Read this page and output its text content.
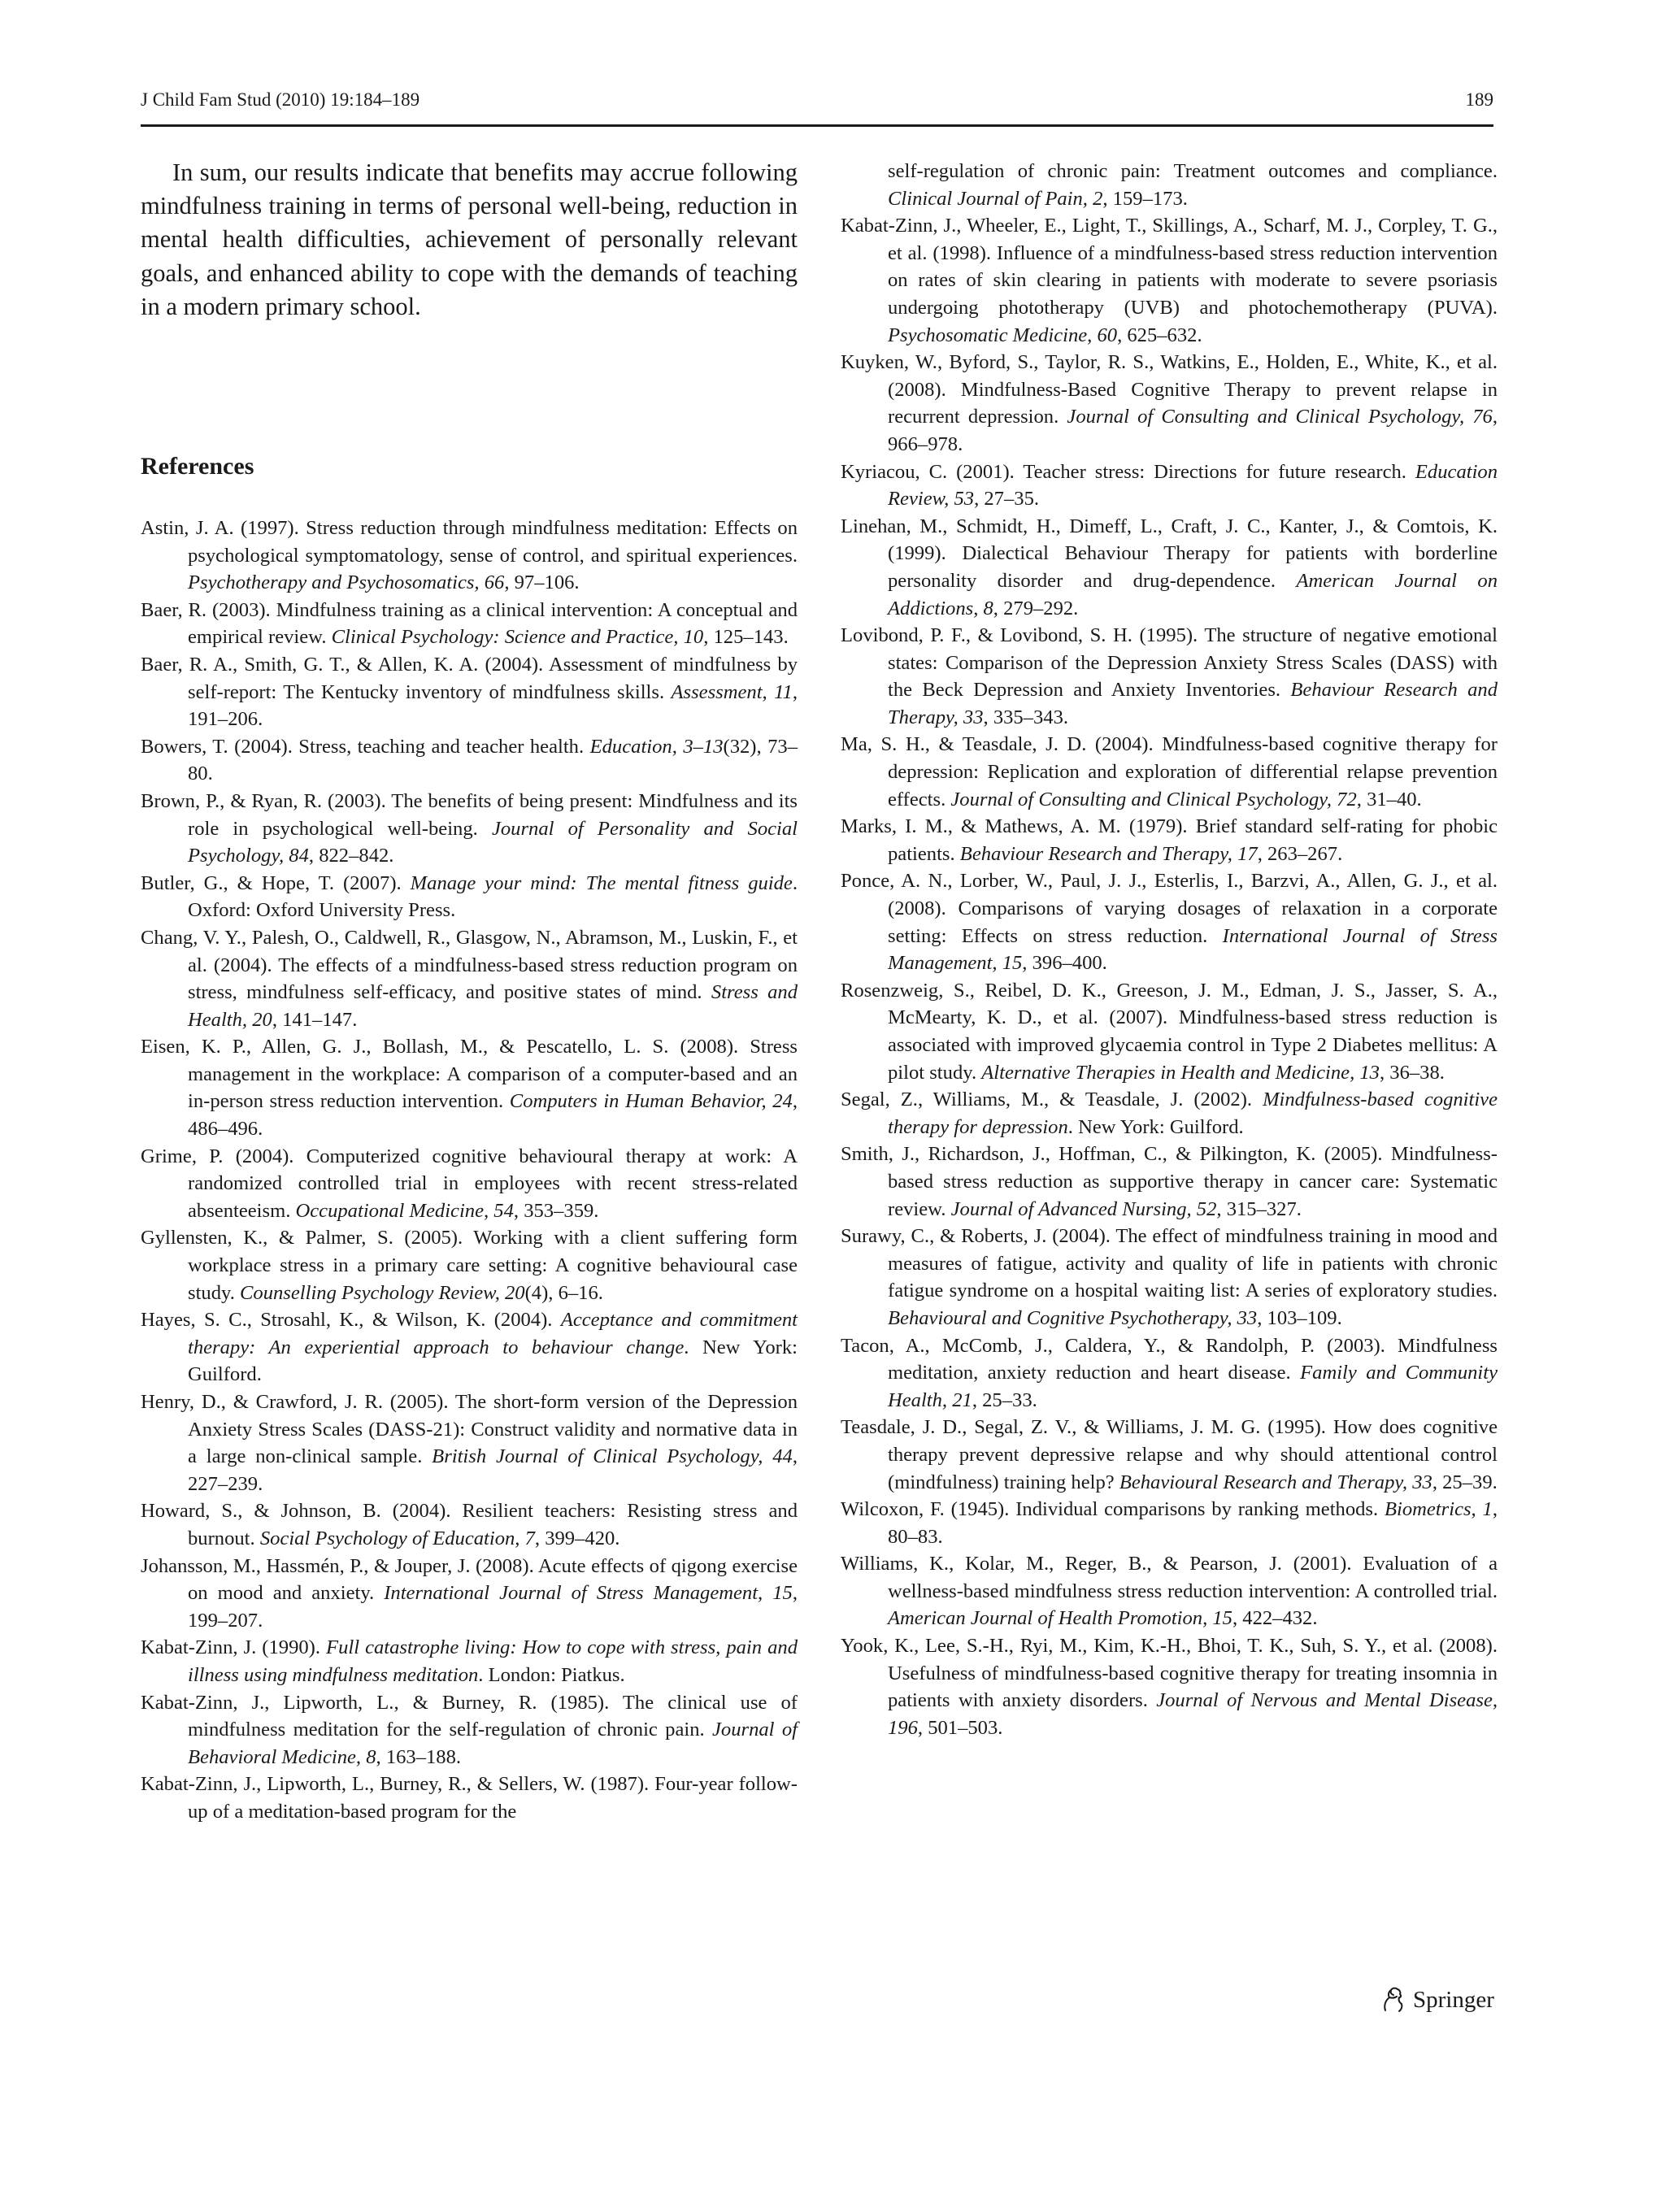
J Child Fam Stud (2010) 19:184–189	189

In sum, our results indicate that benefits may accrue following mindfulness training in terms of personal well-being, reduction in mental health difficulties, achievement of personally relevant goals, and enhanced ability to cope with the demands of teaching in a modern primary school.

References

Astin, J. A. (1997). Stress reduction through mindfulness meditation: Effects on psychological symptomatology, sense of control, and spiritual experiences. Psychotherapy and Psychosomatics, 66, 97–106.

Baer, R. (2003). Mindfulness training as a clinical intervention: A conceptual and empirical review. Clinical Psychology: Science and Practice, 10, 125–143.

Baer, R. A., Smith, G. T., & Allen, K. A. (2004). Assessment of mindfulness by self-report: The Kentucky inventory of mindfulness skills. Assessment, 11, 191–206.

Bowers, T. (2004). Stress, teaching and teacher health. Education, 3–13(32), 73–80.

Brown, P., & Ryan, R. (2003). The benefits of being present: Mindfulness and its role in psychological well-being. Journal of Personality and Social Psychology, 84, 822–842.

Butler, G., & Hope, T. (2007). Manage your mind: The mental fitness guide. Oxford: Oxford University Press.

Chang, V. Y., Palesh, O., Caldwell, R., Glasgow, N., Abramson, M., Luskin, F., et al. (2004). The effects of a mindfulness-based stress reduction program on stress, mindfulness self-efficacy, and positive states of mind. Stress and Health, 20, 141–147.

Eisen, K. P., Allen, G. J., Bollash, M., & Pescatello, L. S. (2008). Stress management in the workplace: A comparison of a computer-based and an in-person stress reduction intervention. Computers in Human Behavior, 24, 486–496.

Grime, P. (2004). Computerized cognitive behavioural therapy at work: A randomized controlled trial in employees with recent stress-related absenteeism. Occupational Medicine, 54, 353–359.

Gyllensten, K., & Palmer, S. (2005). Working with a client suffering form workplace stress in a primary care setting: A cognitive behavioural case study. Counselling Psychology Review, 20(4), 6–16.

Hayes, S. C., Strosahl, K., & Wilson, K. (2004). Acceptance and commitment therapy: An experiential approach to behaviour change. New York: Guilford.

Henry, D., & Crawford, J. R. (2005). The short-form version of the Depression Anxiety Stress Scales (DASS-21): Construct validity and normative data in a large non-clinical sample. British Journal of Clinical Psychology, 44, 227–239.

Howard, S., & Johnson, B. (2004). Resilient teachers: Resisting stress and burnout. Social Psychology of Education, 7, 399–420.

Johansson, M., Hassmén, P., & Jouper, J. (2008). Acute effects of qigong exercise on mood and anxiety. International Journal of Stress Management, 15, 199–207.

Kabat-Zinn, J. (1990). Full catastrophe living: How to cope with stress, pain and illness using mindfulness meditation. London: Piatkus.

Kabat-Zinn, J., Lipworth, L., & Burney, R. (1985). The clinical use of mindfulness meditation for the self-regulation of chronic pain. Journal of Behavioral Medicine, 8, 163–188.

Kabat-Zinn, J., Lipworth, L., Burney, R., & Sellers, W. (1987). Four-year follow-up of a meditation-based program for the

self-regulation of chronic pain: Treatment outcomes and compliance. Clinical Journal of Pain, 2, 159–173.

Kabat-Zinn, J., Wheeler, E., Light, T., Skillings, A., Scharf, M. J., Corpley, T. G., et al. (1998). Influence of a mindfulness-based stress reduction intervention on rates of skin clearing in patients with moderate to severe psoriasis undergoing phototherapy (UVB) and photochemotherapy (PUVA). Psychosomatic Medicine, 60, 625–632.

Kuyken, W., Byford, S., Taylor, R. S., Watkins, E., Holden, E., White, K., et al. (2008). Mindfulness-Based Cognitive Therapy to prevent relapse in recurrent depression. Journal of Consulting and Clinical Psychology, 76, 966–978.

Kyriacou, C. (2001). Teacher stress: Directions for future research. Education Review, 53, 27–35.

Linehan, M., Schmidt, H., Dimeff, L., Craft, J. C., Kanter, J., & Comtois, K. (1999). Dialectical Behaviour Therapy for patients with borderline personality disorder and drug-dependence. American Journal on Addictions, 8, 279–292.

Lovibond, P. F., & Lovibond, S. H. (1995). The structure of negative emotional states: Comparison of the Depression Anxiety Stress Scales (DASS) with the Beck Depression and Anxiety Inventories. Behaviour Research and Therapy, 33, 335–343.

Ma, S. H., & Teasdale, J. D. (2004). Mindfulness-based cognitive therapy for depression: Replication and exploration of differential relapse prevention effects. Journal of Consulting and Clinical Psychology, 72, 31–40.

Marks, I. M., & Mathews, A. M. (1979). Brief standard self-rating for phobic patients. Behaviour Research and Therapy, 17, 263–267.

Ponce, A. N., Lorber, W., Paul, J. J., Esterlis, I., Barzvi, A., Allen, G. J., et al. (2008). Comparisons of varying dosages of relaxation in a corporate setting: Effects on stress reduction. International Journal of Stress Management, 15, 396–400.

Rosenzweig, S., Reibel, D. K., Greeson, J. M., Edman, J. S., Jasser, S. A., McMearty, K. D., et al. (2007). Mindfulness-based stress reduction is associated with improved glycaemia control in Type 2 Diabetes mellitus: A pilot study. Alternative Therapies in Health and Medicine, 13, 36–38.

Segal, Z., Williams, M., & Teasdale, J. (2002). Mindfulness-based cognitive therapy for depression. New York: Guilford.

Smith, J., Richardson, J., Hoffman, C., & Pilkington, K. (2005). Mindfulness-based stress reduction as supportive therapy in cancer care: Systematic review. Journal of Advanced Nursing, 52, 315–327.

Surawy, C., & Roberts, J. (2004). The effect of mindfulness training in mood and measures of fatigue, activity and quality of life in patients with chronic fatigue syndrome on a hospital waiting list: A series of exploratory studies. Behavioural and Cognitive Psychotherapy, 33, 103–109.

Tacon, A., McComb, J., Caldera, Y., & Randolph, P. (2003). Mindfulness meditation, anxiety reduction and heart disease. Family and Community Health, 21, 25–33.

Teasdale, J. D., Segal, Z. V., & Williams, J. M. G. (1995). How does cognitive therapy prevent depressive relapse and why should attentional control (mindfulness) training help? Behavioural Research and Therapy, 33, 25–39.

Wilcoxon, F. (1945). Individual comparisons by ranking methods. Biometrics, 1, 80–83.

Williams, K., Kolar, M., Reger, B., & Pearson, J. (2001). Evaluation of a wellness-based mindfulness stress reduction intervention: A controlled trial. American Journal of Health Promotion, 15, 422–432.

Yook, K., Lee, S.-H., Ryi, M., Kim, K.-H., Bhoi, T. K., Suh, S. Y., et al. (2008). Usefulness of mindfulness-based cognitive therapy for treating insomnia in patients with anxiety disorders. Journal of Nervous and Mental Disease, 196, 501–503.

Springer
